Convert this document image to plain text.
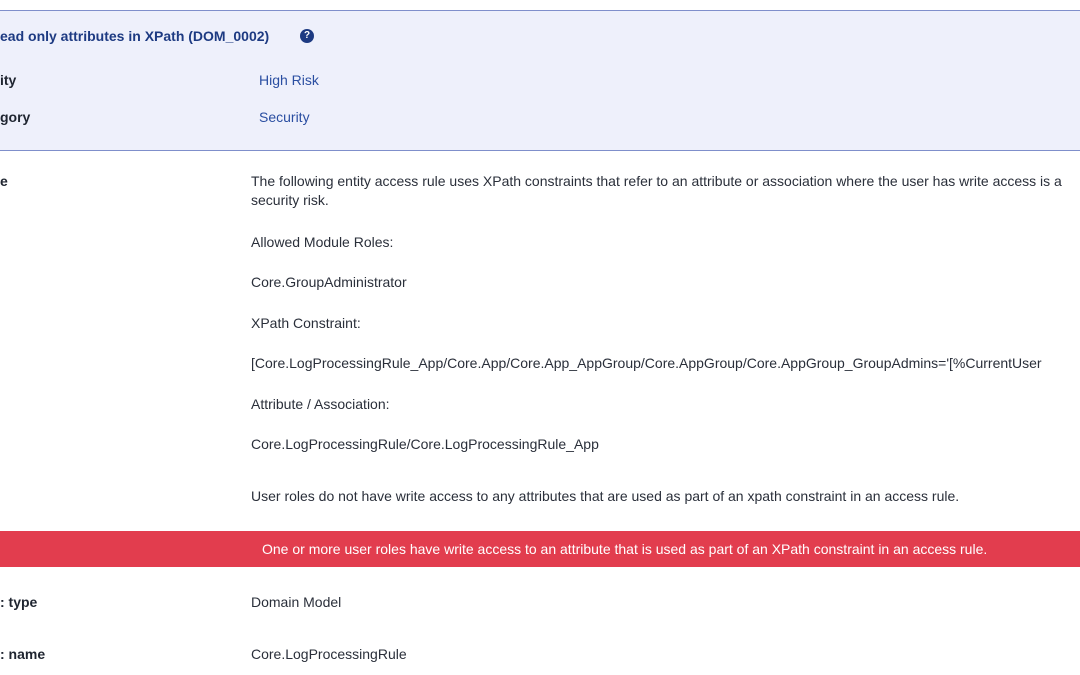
ead only attributes in XPath (DOM_0002)	?
ity	High Risk
gory	Security
e	The following entity access rule uses XPath constraints that refer to an attribute or association where the user has write access is a security risk.
Allowed Module Roles:
Core.GroupAdministrator
XPath Constraint:
[Core.LogProcessingRule_App/Core.App/Core.App_AppGroup/Core.AppGroup/Core.AppGroup_GroupAdmins='[%CurrentUser
Attribute / Association:
Core.LogProcessingRule/Core.LogProcessingRule_App
User roles do not have write access to any attributes that are used as part of an xpath constraint in an access rule.
One or more user roles have write access to an attribute that is used as part of an XPath constraint in an access rule.
: type	Domain Model
: name	Core.LogProcessingRule
